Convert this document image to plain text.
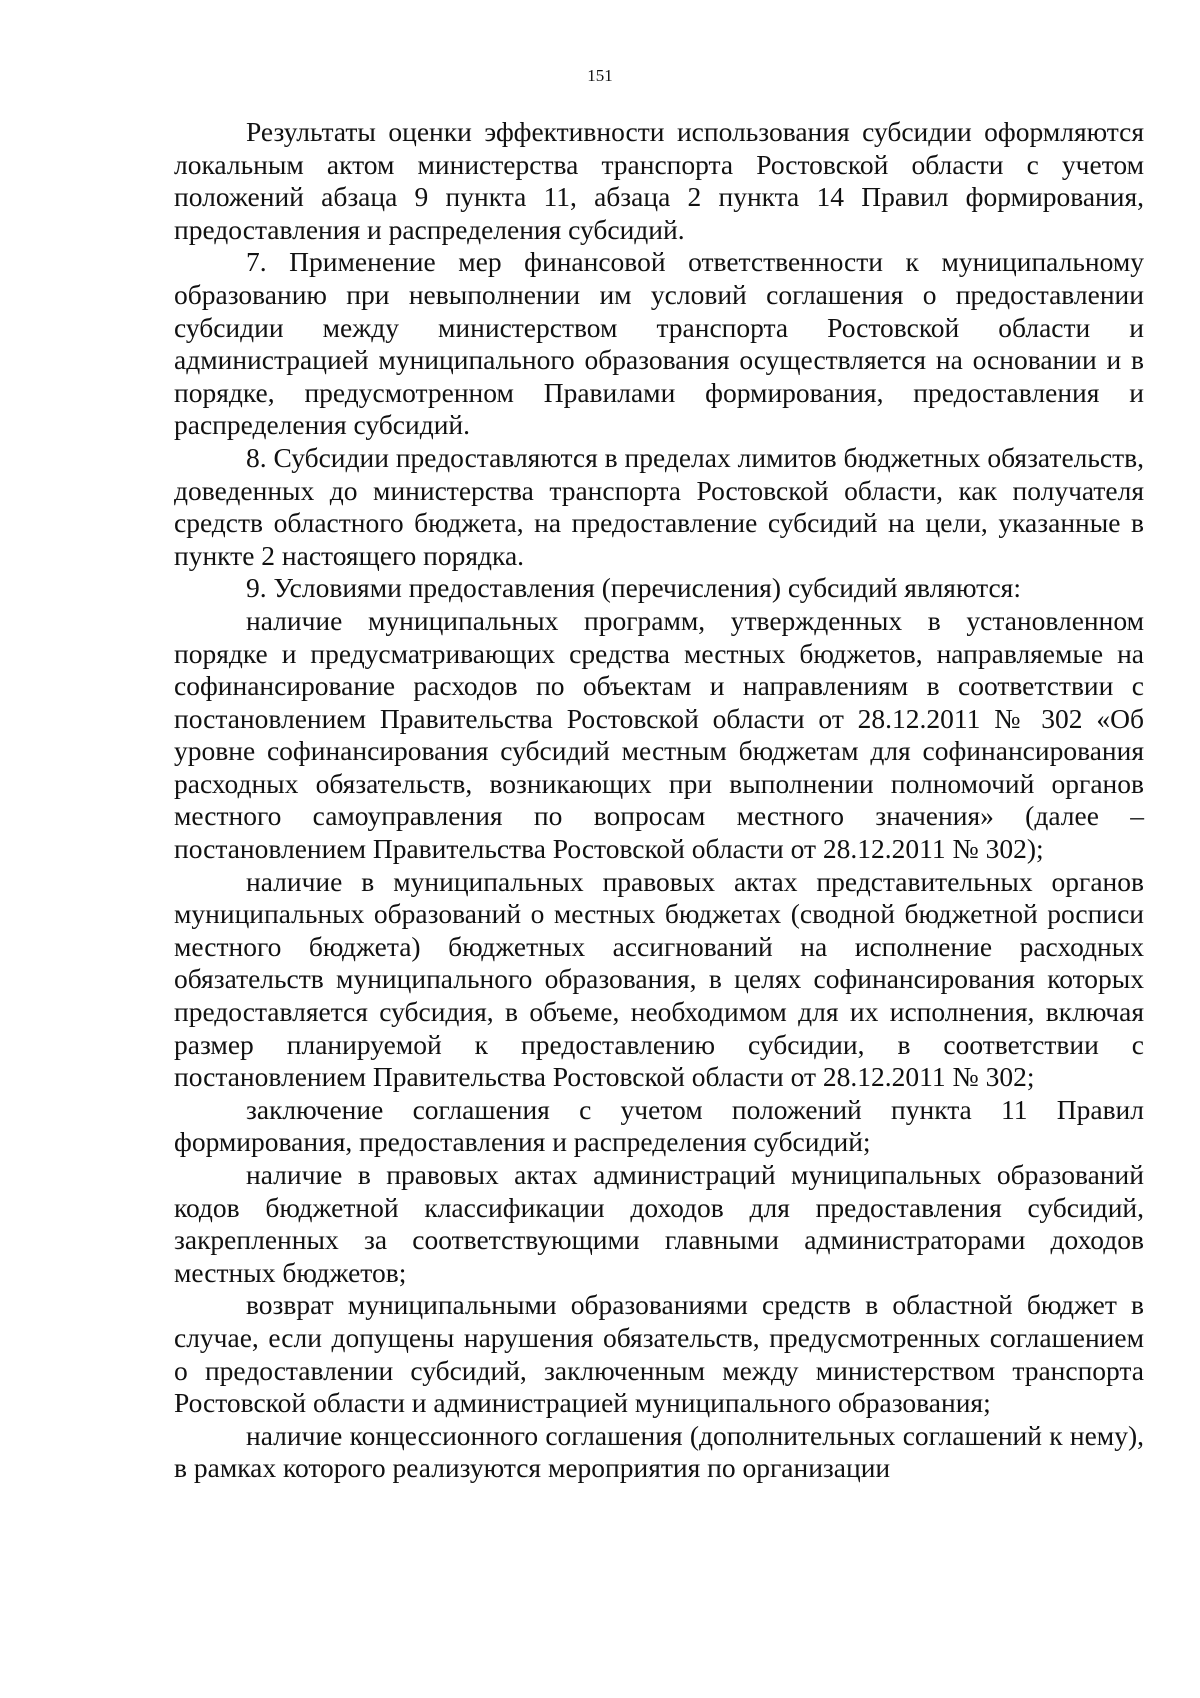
151

Результаты оценки эффективности использования субсидии оформляются локальным актом министерства транспорта Ростовской области с учетом положений абзаца 9 пункта 11, абзаца 2 пункта 14 Правил формирования, предоставления и распределения субсидий.

7. Применение мер финансовой ответственности к муниципальному образованию при невыполнении им условий соглашения о предоставлении субсидии между министерством транспорта Ростовской области и администрацией муниципального образования осуществляется на основании и в порядке, предусмотренном Правилами формирования, предоставления и распределения субсидий.

8. Субсидии предоставляются в пределах лимитов бюджетных обязательств, доведенных до министерства транспорта Ростовской области, как получателя средств областного бюджета, на предоставление субсидий на цели, указанные в пункте 2 настоящего порядка.

9. Условиями предоставления (перечисления) субсидий являются:

наличие муниципальных программ, утвержденных в установленном порядке и предусматривающих средства местных бюджетов, направляемые на софинансирование расходов по объектам и направлениям в соответствии с постановлением Правительства Ростовской области от 28.12.2011 № 302 «Об уровне софинансирования субсидий местным бюджетам для софинансирования расходных обязательств, возникающих при выполнении полномочий органов местного самоуправления по вопросам местного значения» (далее – постановлением Правительства Ростовской области от 28.12.2011 № 302);

наличие в муниципальных правовых актах представительных органов муниципальных образований о местных бюджетах (сводной бюджетной росписи местного бюджета) бюджетных ассигнований на исполнение расходных обязательств муниципального образования, в целях софинансирования которых предоставляется субсидия, в объеме, необходимом для их исполнения, включая размер планируемой к предоставлению субсидии, в соответствии с постановлением Правительства Ростовской области от 28.12.2011 № 302;

заключение соглашения с учетом положений пункта 11 Правил формирования, предоставления и распределения субсидий;

наличие в правовых актах администраций муниципальных образований кодов бюджетной классификации доходов для предоставления субсидий, закрепленных за соответствующими главными администраторами доходов местных бюджетов;

возврат муниципальными образованиями средств в областной бюджет в случае, если допущены нарушения обязательств, предусмотренных соглашением о предоставлении субсидий, заключенным между министерством транспорта Ростовской области и администрацией муниципального образования;

наличие концессионного соглашения (дополнительных соглашений к нему), в рамках которого реализуются мероприятия по организации
